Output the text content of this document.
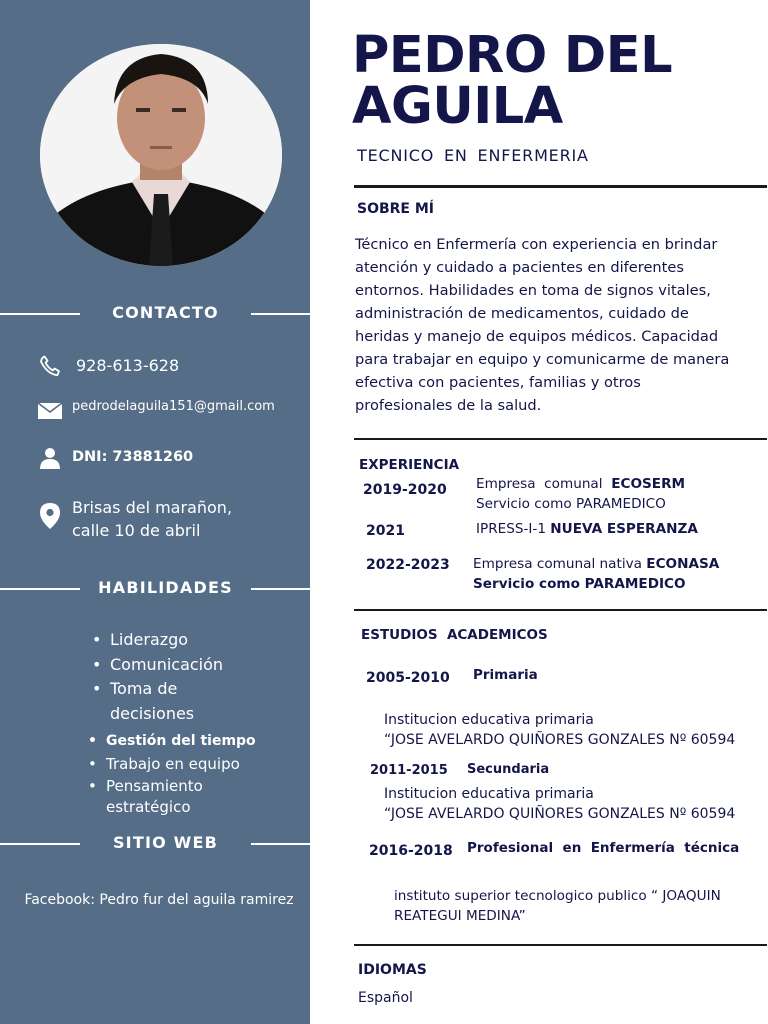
CONTACTO
928-613-628
pedrodelaguila151@gmail.com
DNI: 73881260
Brisas del marañon,
calle 10 de abril
HABILIDADES
• Liderazgo
• Comunicación
• Toma de decisiones
• Gestión del tiempo
• Trabajo en equipo
• Pensamiento estratégico
SITIO WEB
Facebook: Pedro fur del aguila ramirez
PEDRO DEL
AGUILA
TECNICO EN ENFERMERIA
SOBRE MÍ
Técnico en Enfermería con experiencia en brindar atención y cuidado a pacientes en diferentes entornos. Habilidades en toma de signos vitales, administración de medicamentos, cuidado de heridas y manejo de equipos médicos. Capacidad para trabajar en equipo y comunicarme de manera efectiva con pacientes, familias y otros profesionales de la salud.
EXPERIENCIA
2019-2020 Empresa  comunal  ECOSERM
Servicio como PARAMEDICO
2021	IPRESS-I-1 NUEVA ESPERANZA
2022-2023 Empresa comunal nativa ECONASA
Servicio como PARAMEDICO
ESTUDIOS  ACADEMICOS
2005-2010 Primaria
Institucion educativa primaria
“JOSE AVELARDO QUIÑORES GONZALES Nº 60594
2011-2015 Secundaria
Institucion educativa primaria
“JOSE AVELARDO QUIÑORES GONZALES Nº 60594
2016-2018 Profesional  en  Enfermería  técnica
instituto superior tecnologico publico “ JOAQUIN
REATEGUI MEDINA”
IDIOMAS
Español
